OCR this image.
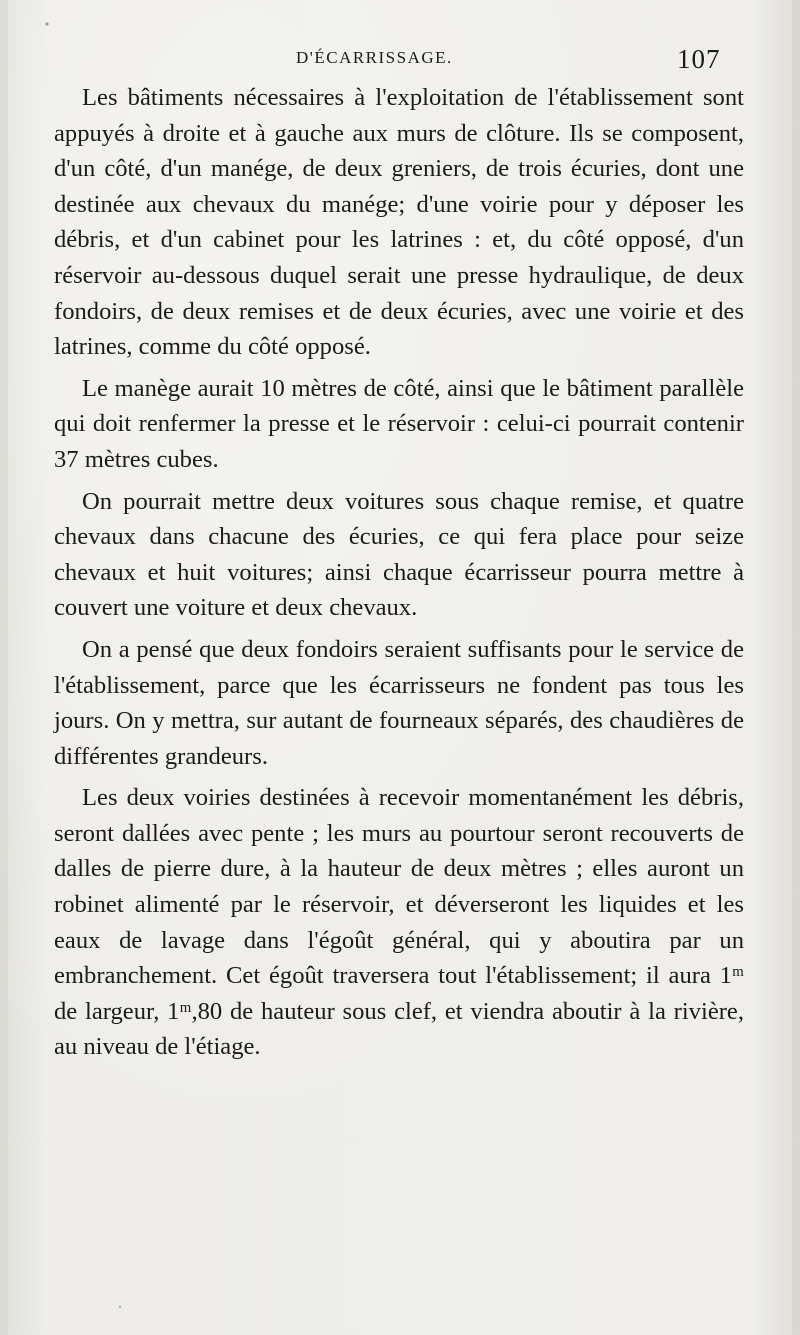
D'ÉCARRISSAGE.	107

Les bâtiments nécessaires à l'exploitation de l'établissement sont appuyés à droite et à gauche aux murs de clôture. Ils se composent, d'un côté, d'un manége, de deux greniers, de trois écuries, dont une destinée aux chevaux du manége; d'une voirie pour y déposer les débris, et d'un cabinet pour les latrines : et, du côté opposé, d'un réservoir au-dessous duquel serait une presse hydraulique, de deux fondoirs, de deux remises et de deux écuries, avec une voirie et des latrines, comme du côté opposé.

Le manège aurait 10 mètres de côté, ainsi que le bâtiment parallèle qui doit renfermer la presse et le réservoir : celui-ci pourrait contenir 37 mètres cubes.

On pourrait mettre deux voitures sous chaque remise, et quatre chevaux dans chacune des écuries, ce qui fera place pour seize chevaux et huit voitures; ainsi chaque écarrisseur pourra mettre à couvert une voiture et deux chevaux.

On a pensé que deux fondoirs seraient suffisants pour le service de l'établissement, parce que les écarrisseurs ne fondent pas tous les jours. On y mettra, sur autant de fourneaux séparés, des chaudières de différentes grandeurs.

Les deux voiries destinées à recevoir momentanément les débris, seront dallées avec pente ; les murs au pourtour seront recouverts de dalles de pierre dure, à la hauteur de deux mètres ; elles auront un robinet alimenté par le réservoir, et déverseront les liquides et les eaux de lavage dans l'égoût général, qui y aboutira par un embranchement. Cet égoût traversera tout l'établissement; il aura 1ᵐ de largeur, 1ᵐ,80 de hauteur sous clef, et viendra aboutir à la rivière, au niveau de l'étiage.
